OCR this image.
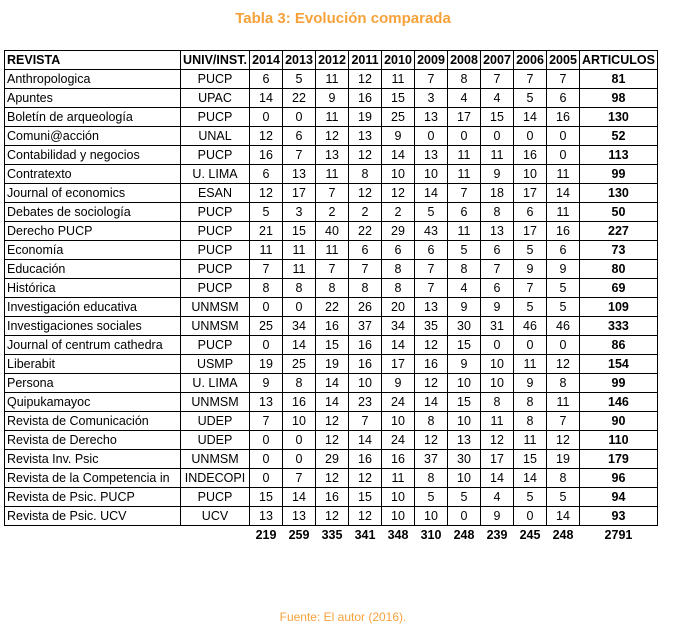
Tabla 3: Evolución comparada
REVISTA	UNIV/INST.	2014	2013	2012	2011	2010	2009	2008	2007	2006	2005	ARTICULOS
Anthropologica	PUCP	6	5	11	12	11	7	8	7	7	7	81
Apuntes	UPAC	14	22	9	16	15	3	4	4	5	6	98
Boletín de arqueología	PUCP	0	0	11	19	25	13	17	15	14	16	130
Comuni@acción	UNAL	12	6	12	13	9	0	0	0	0	0	52
Contabilidad y negocios	PUCP	16	7	13	12	14	13	11	11	16	0	113
Contratexto	U. LIMA	6	13	11	8	10	10	11	9	10	11	99
Journal of economics	ESAN	12	17	7	12	12	14	7	18	17	14	130
Debates de sociología	PUCP	5	3	2	2	2	5	6	8	6	11	50
Derecho PUCP	PUCP	21	15	40	22	29	43	11	13	17	16	227
Economía	PUCP	11	11	11	6	6	6	5	6	5	6	73
Educación	PUCP	7	11	7	7	8	7	8	7	9	9	80
Histórica	PUCP	8	8	8	8	8	7	4	6	7	5	69
Investigación educativa	UNMSM	0	0	22	26	20	13	9	9	5	5	109
Investigaciones sociales	UNMSM	25	34	16	37	34	35	30	31	46	46	333
Journal of centrum cathedra	PUCP	0	14	15	16	14	12	15	0	0	0	86
Liberabit	USMP	19	25	19	16	17	16	9	10	11	12	154
Persona	U. LIMA	9	8	14	10	9	12	10	10	9	8	99
Quipukamayoc	UNMSM	13	16	14	23	24	14	15	8	8	11	146
Revista de Comunicación	UDEP	7	10	12	7	10	8	10	11	8	7	90
Revista de Derecho	UDEP	0	0	12	14	24	12	13	12	11	12	110
Revista Inv. Psic	UNMSM	0	0	29	16	16	37	30	17	15	19	179
Revista de la Competencia in	INDECOPI	0	7	12	12	11	8	10	14	14	8	96
Revista de Psic. PUCP	PUCP	15	14	16	15	10	5	5	4	5	5	94
Revista de Psic. UCV	UCV	13	13	12	12	10	10	0	9	0	14	93
		219	259	335	341	348	310	248	239	245	248	2791
Fuente: El autor (2016).
